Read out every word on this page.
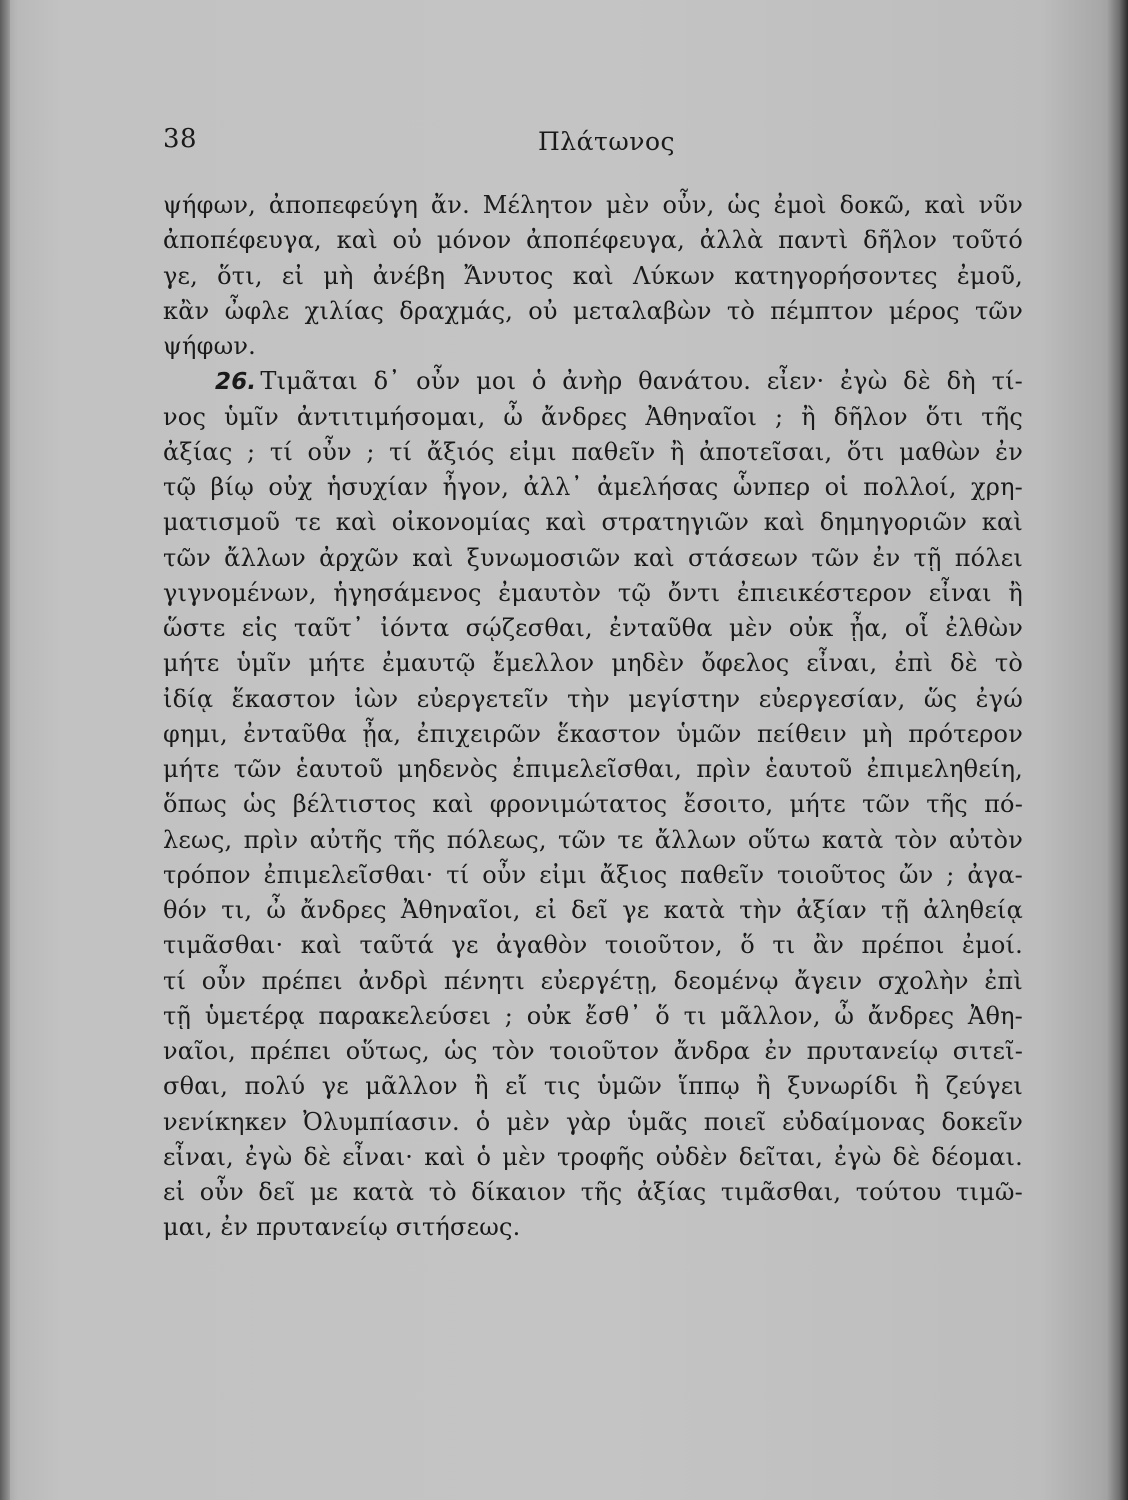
38	Πλάτωνος
ψήφων, ἀποπεφεύγη ἄν. Μέλητον μὲν οὖν, ὡς ἐμοὶ δοκῶ, καὶ νῦν
ἀποπέφευγα, καὶ οὐ μόνον ἀποπέφευγα, ἀλλὰ παντὶ δῆλον τοῦτό
γε, ὅτι, εἰ μὴ ἀνέβη Ἄνυτος καὶ Λύκων κατηγορήσοντες ἐμοῦ,
κἂν ὦφλε χιλίας δραχμάς, οὐ μεταλαβὼν τὸ πέμπτον μέρος τῶν
ψήφων.
26. Τιμᾶται δ᾽ οὖν μοι ὁ ἀνὴρ θανάτου. εἶεν· ἐγὼ δὲ δὴ τί-
νος ὑμῖν ἀντιτιμήσομαι, ὦ ἄνδρες Ἀθηναῖοι ; ἢ δῆλον ὅτι τῆς
ἀξίας ; τί οὖν ; τί ἄξιός εἰμι παθεῖν ἢ ἀποτεῖσαι, ὅτι μαθὼν ἐν
τῷ βίῳ οὐχ ἡσυχίαν ἦγον, ἀλλ᾽ ἀμελήσας ὧνπερ οἱ πολλοί, χρη-
ματισμοῦ τε καὶ οἰκονομίας καὶ στρατηγιῶν καὶ δημηγοριῶν καὶ
τῶν ἄλλων ἀρχῶν καὶ ξυνωμοσιῶν καὶ στάσεων τῶν ἐν τῇ πόλει
γιγνομένων, ἡγησάμενος ἐμαυτὸν τῷ ὄντι ἐπιεικέστερον εἶναι ἢ
ὥστε εἰς ταῦτ᾽ ἰόντα σῴζεσθαι, ἐνταῦθα μὲν οὐκ ᾖα, οἷ ἐλθὼν
μήτε ὑμῖν μήτε ἐμαυτῷ ἔμελλον μηδὲν ὄφελος εἶναι, ἐπὶ δὲ τὸ
ἰδίᾳ ἕκαστον ἰὼν εὐεργετεῖν τὴν μεγίστην εὐεργεσίαν, ὥς ἐγώ
φημι, ἐνταῦθα ᾖα, ἐπιχειρῶν ἕκαστον ὑμῶν πείθειν μὴ πρότερον
μήτε τῶν ἑαυτοῦ μηδενὸς ἐπιμελεῖσθαι, πρὶν ἑαυτοῦ ἐπιμεληθείη,
ὅπως ὡς βέλτιστος καὶ φρονιμώτατος ἔσοιτο, μήτε τῶν τῆς πό-
λεως, πρὶν αὐτῆς τῆς πόλεως, τῶν τε ἄλλων οὕτω κατὰ τὸν αὐτὸν
τρόπον ἐπιμελεῖσθαι· τί οὖν εἰμι ἄξιος παθεῖν τοιοῦτος ὤν ; ἀγα-
θόν τι, ὦ ἄνδρες Ἀθηναῖοι, εἰ δεῖ γε κατὰ τὴν ἀξίαν τῇ ἀληθείᾳ
τιμᾶσθαι· καὶ ταῦτά γε ἀγαθὸν τοιοῦτον, ὅ τι ἂν πρέποι ἐμοί.
τί οὖν πρέπει ἀνδρὶ πένητι εὐεργέτῃ, δεομένῳ ἄγειν σχολὴν ἐπὶ
τῇ ὑμετέρᾳ παρακελεύσει ; οὐκ ἔσθ᾽ ὅ τι μᾶλλον, ὦ ἄνδρες Ἀθη-
ναῖοι, πρέπει οὕτως, ὡς τὸν τοιοῦτον ἄνδρα ἐν πρυτανείῳ σιτεῖ-
σθαι, πολύ γε μᾶλλον ἢ εἴ τις ὑμῶν ἵππῳ ἢ ξυνωρίδι ἢ ζεύγει
νενίκηκεν Ὀλυμπίασιν. ὁ μὲν γὰρ ὑμᾶς ποιεῖ εὐδαίμονας δοκεῖν
εἶναι, ἐγὼ δὲ εἶναι· καὶ ὁ μὲν τροφῆς οὐδὲν δεῖται, ἐγὼ δὲ δέομαι.
εἰ οὖν δεῖ με κατὰ τὸ δίκαιον τῆς ἀξίας τιμᾶσθαι, τούτου τιμῶ-
μαι, ἐν πρυτανείῳ σιτήσεως.
